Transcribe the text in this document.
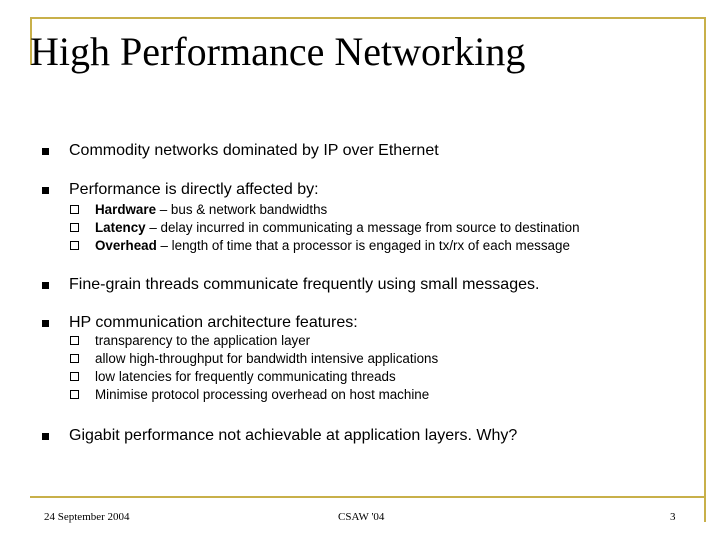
High Performance Networking
Commodity networks dominated by IP over Ethernet
Performance is directly affected by:
Hardware – bus & network bandwidths
Latency – delay incurred in communicating a message from source to destination
Overhead – length of time that a processor is engaged in tx/rx of each message
Fine-grain threads communicate frequently using small messages.
HP communication architecture features:
transparency to the application layer
allow high-throughput for bandwidth intensive applications
low latencies for frequently communicating threads
Minimise protocol processing overhead on host machine
Gigabit performance not achievable at application layers. Why?
24 September 2004	CSAW '04	3
